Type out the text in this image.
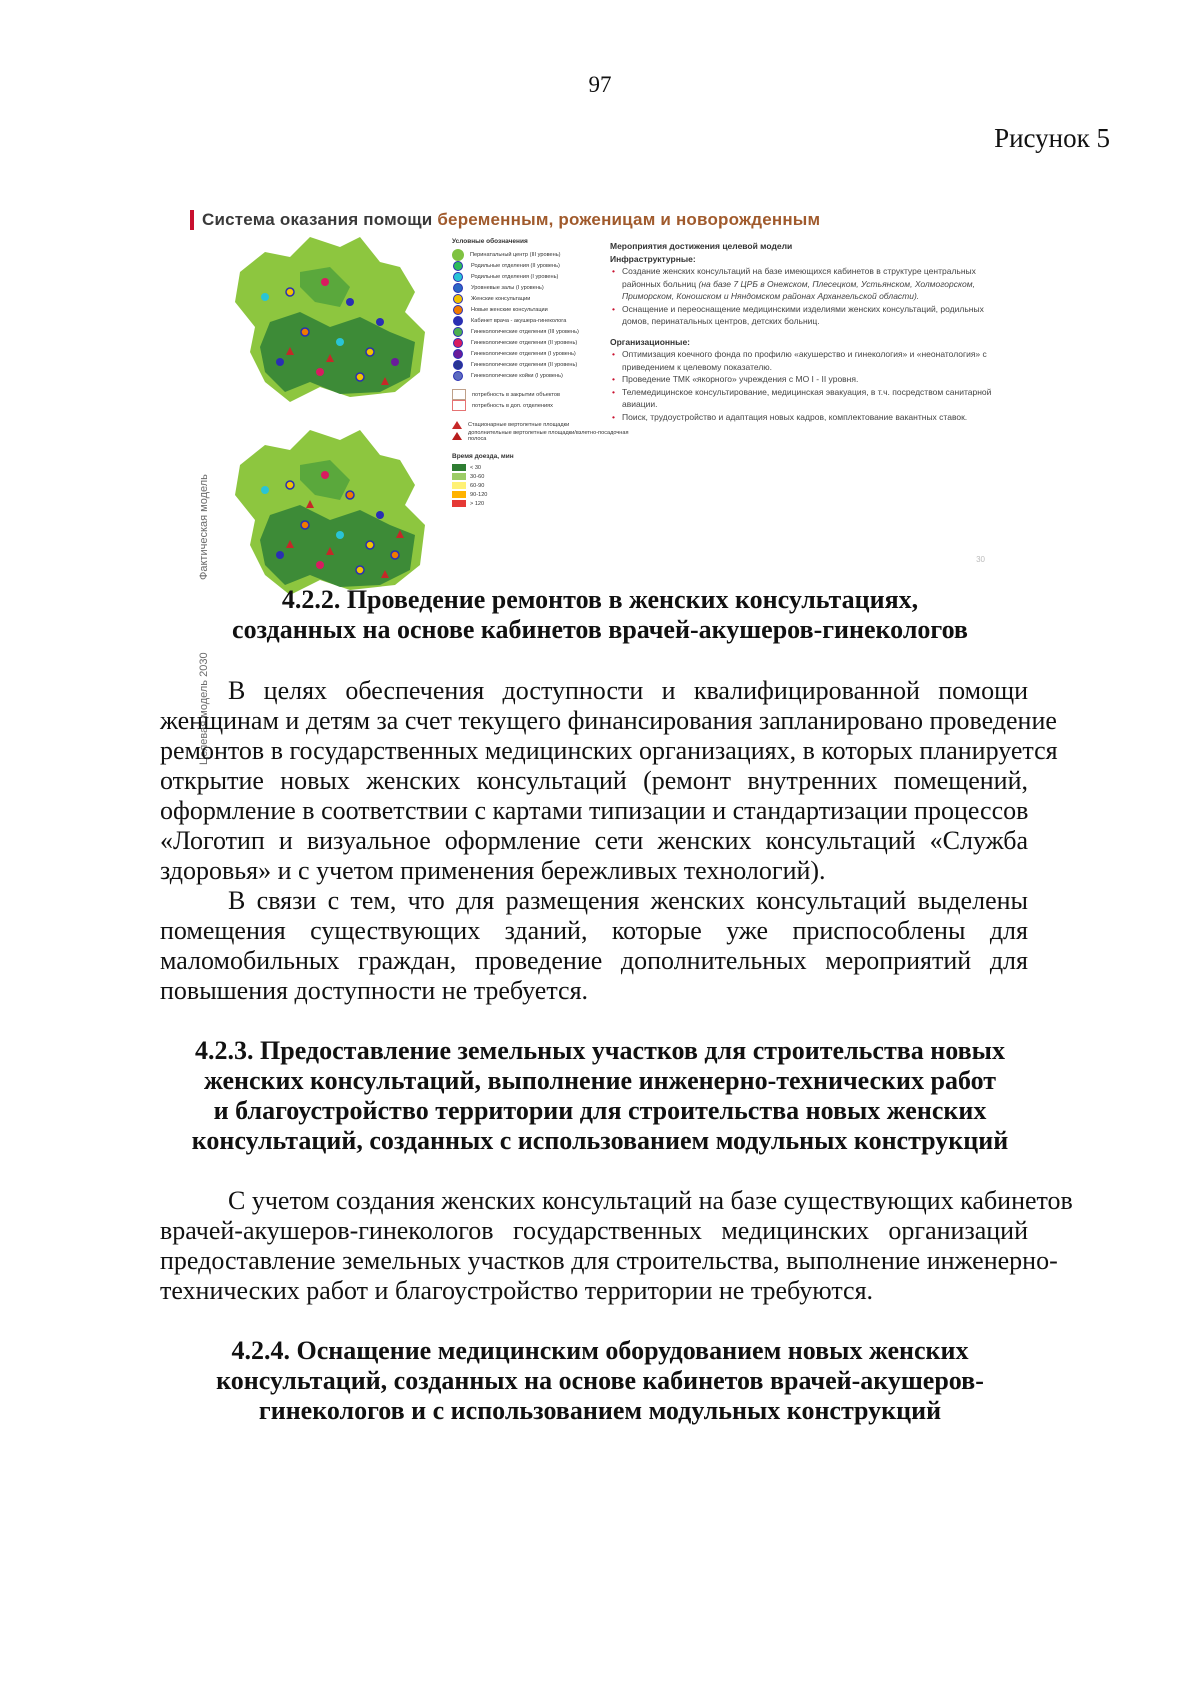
97
Рисунок 5
Система оказания помощи беременным, роженицам и новорожденным
Фактическая модель
Целевая модель 2030
Условные обозначения
Перинатальный центр (III уровень)
Родильные отделения (II уровень)
Родильные отделения (I уровень)
Уровневые залы (I уровень)
Женские консультации
Новые женские консультации
Кабинет врача - акушера-гинеколога
Гинекологические отделения (III уровень)
Гинекологические отделения (II уровень)
Гинекологические отделения (I уровень)
Гинекологические отделения (II уровень)
Гинекологические койки (I уровень)
потребность в закрытии объектов
потребность в доп. отделениях
Стационарные вертолетные площадки
дополнительные вертолетные площадки/взлетно-посадочная полоса
Время доезда, мин
< 30
30-60
60-90
90-120
> 120
Мероприятия достижения целевой модели
Инфраструктурные:
• Создание женских консультаций на базе имеющихся кабинетов в структуре центральных районных больниц (на базе 7 ЦРБ в Онежском, Плесецком, Устьянском, Холмогорском, Приморском, Коношском и Няндомском районах Архангельской области).
• Оснащение и переоснащение медицинскими изделиями женских консультаций, родильных домов, перинатальных центров, детских больниц.
Организационные:
• Оптимизация коечного фонда по профилю «акушерство и гинекология» и «неонатология» с приведением к целевому показателю.
• Проведение ТМК «якорного» учреждения с МО I - II уровня.
• Телемедицинское консультирование, медицинская эвакуация, в т.ч. посредством санитарной авиации.
• Поиск, трудоустройство и адаптация новых кадров, комплектование вакантных ставок.
30
4.2.2. Проведение ремонтов в женских консультациях,
созданных на основе кабинетов врачей-акушеров-гинекологов
В целях обеспечения доступности и квалифицированной помощи
женщинам и детям за счет текущего финансирования запланировано проведение
ремонтов в государственных медицинских организациях, в которых планируется
открытие новых женских консультаций (ремонт внутренних помещений,
оформление в соответствии с картами типизации и стандартизации процессов
«Логотип и визуальное оформление сети женских консультаций «Служба
здоровья» и с учетом применения бережливых технологий).
В связи с тем, что для размещения женских консультаций выделены
помещения существующих зданий, которые уже приспособлены для
маломобильных граждан, проведение дополнительных мероприятий для
повышения доступности не требуется.
4.2.3. Предоставление земельных участков для строительства новых
женских консультаций, выполнение инженерно-технических работ
и благоустройство территории для строительства новых женских
консультаций, созданных с использованием модульных конструкций
С учетом создания женских консультаций на базе существующих кабинетов
врачей-акушеров-гинекологов государственных медицинских организаций
предоставление земельных участков для строительства, выполнение инженерно-
технических работ и благоустройство территории не требуются.
4.2.4. Оснащение медицинским оборудованием новых женских
консультаций, созданных на основе кабинетов врачей-акушеров-
гинекологов и с использованием модульных конструкций
